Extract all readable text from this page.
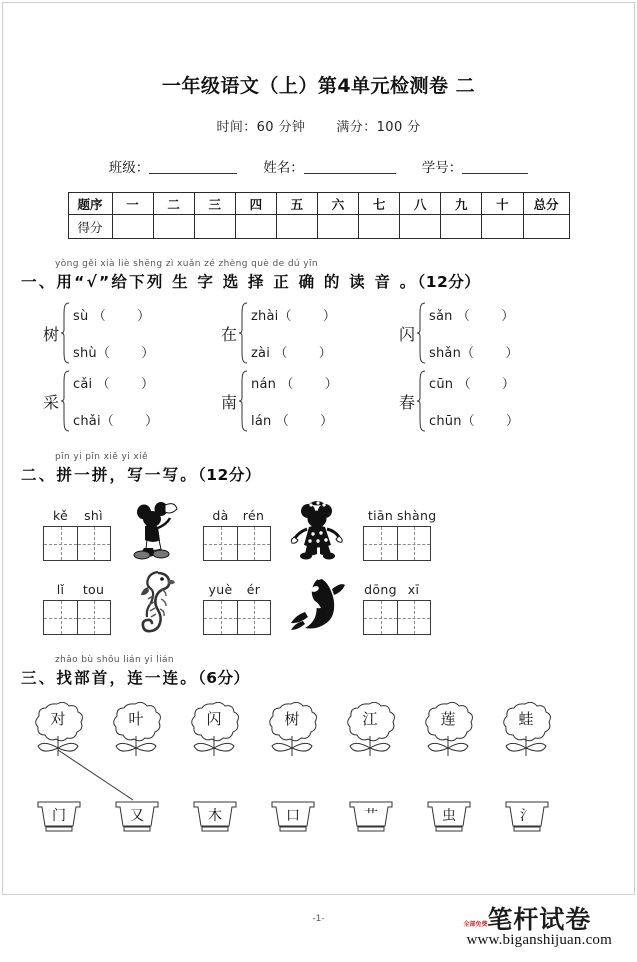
一年级语文（上）第4单元检测卷 二
时间：60 分钟 满分：100 分
班级：	姓名：	学号：
题序	一	二	三	四	五	六	七	八	九	十	总分
得分											
yòng gěi xià liè shēng zì xuǎn zé zhèng què de dú yīn
一、用“√”给下列 生 字 选 择 正 确 的 读 音 。（12分）
树
sù （ ）
shù（ ）
在
zhài（ ）
zài （ ）
闪
sǎn （ ）
shǎn（ ）
采
cǎi （ ）
chǎi（ ）
南
nán （ ）
lán （ ）
春
cūn （ ）
chūn（ ）
pīn yi pīn xiě yi xiě
二、拼一拼，写一写。（12分）
kě	shì	dà	rén	tiān shàng
lǐ	tou	yuè	ér	dōng xī
zhǎo bù shǒu lián yi lián
三、找部首，连一连。（6分）
对	叶	闪	树	江	莲	蛙
门	又	木	口	艹	虫	氵
-1-	笔杆试卷
全部免费
www.biganshijuan.com
